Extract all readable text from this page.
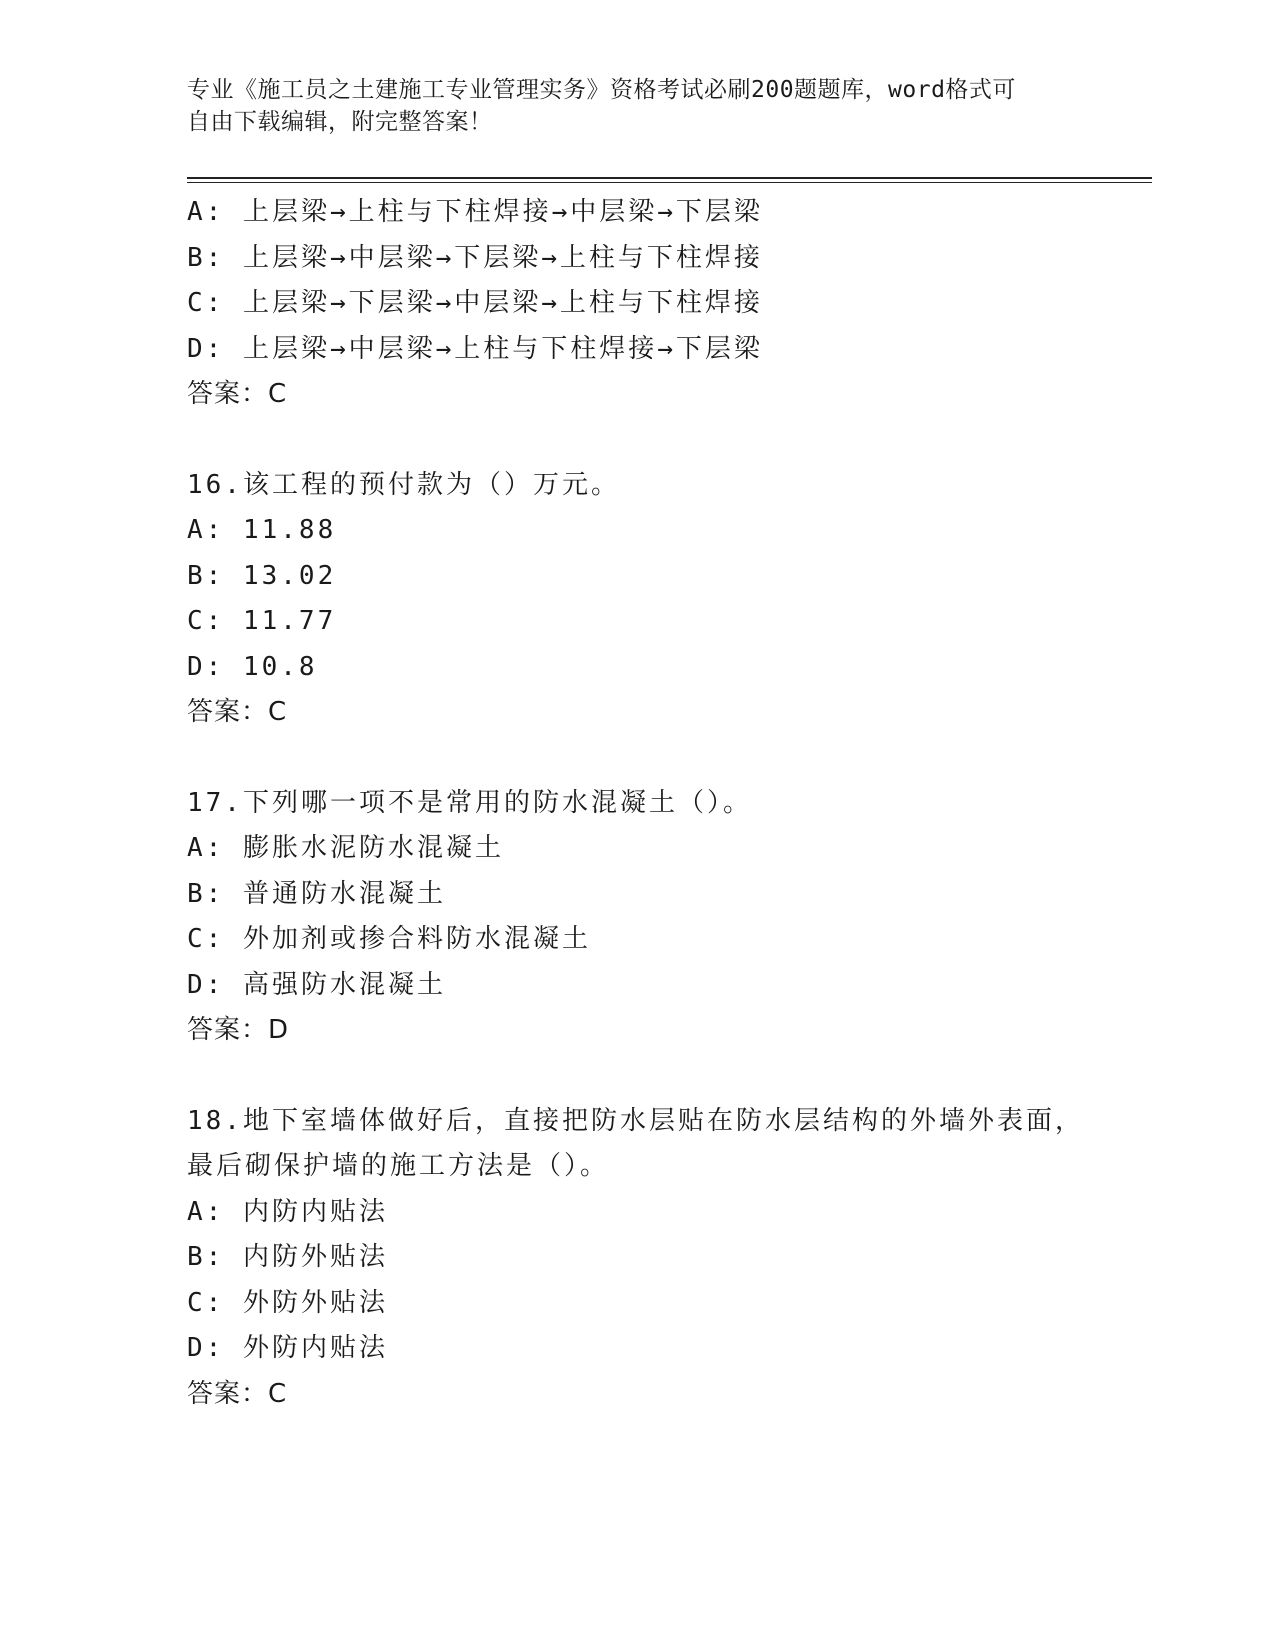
专业《施工员之土建施工专业管理实务》资格考试必刷200题题库，word格式可
自由下载编辑，附完整答案！
A: 上层梁→上柱与下柱焊接→中层梁→下层梁
B: 上层梁→中层梁→下层梁→上柱与下柱焊接
C: 上层梁→下层梁→中层梁→上柱与下柱焊接
D: 上层梁→中层梁→上柱与下柱焊接→下层梁
答案：C
16.该工程的预付款为（）万元。
A: 11.88
B: 13.02
C: 11.77
D: 10.8
答案：C
17.下列哪一项不是常用的防水混凝土（）。
A: 膨胀水泥防水混凝土
B: 普通防水混凝土
C: 外加剂或掺合料防水混凝土
D: 高强防水混凝土
答案：D
18.地下室墙体做好后，直接把防水层贴在防水层结构的外墙外表面，
最后砌保护墙的施工方法是（）。
A: 内防内贴法
B: 内防外贴法
C: 外防外贴法
D: 外防内贴法
答案：C
